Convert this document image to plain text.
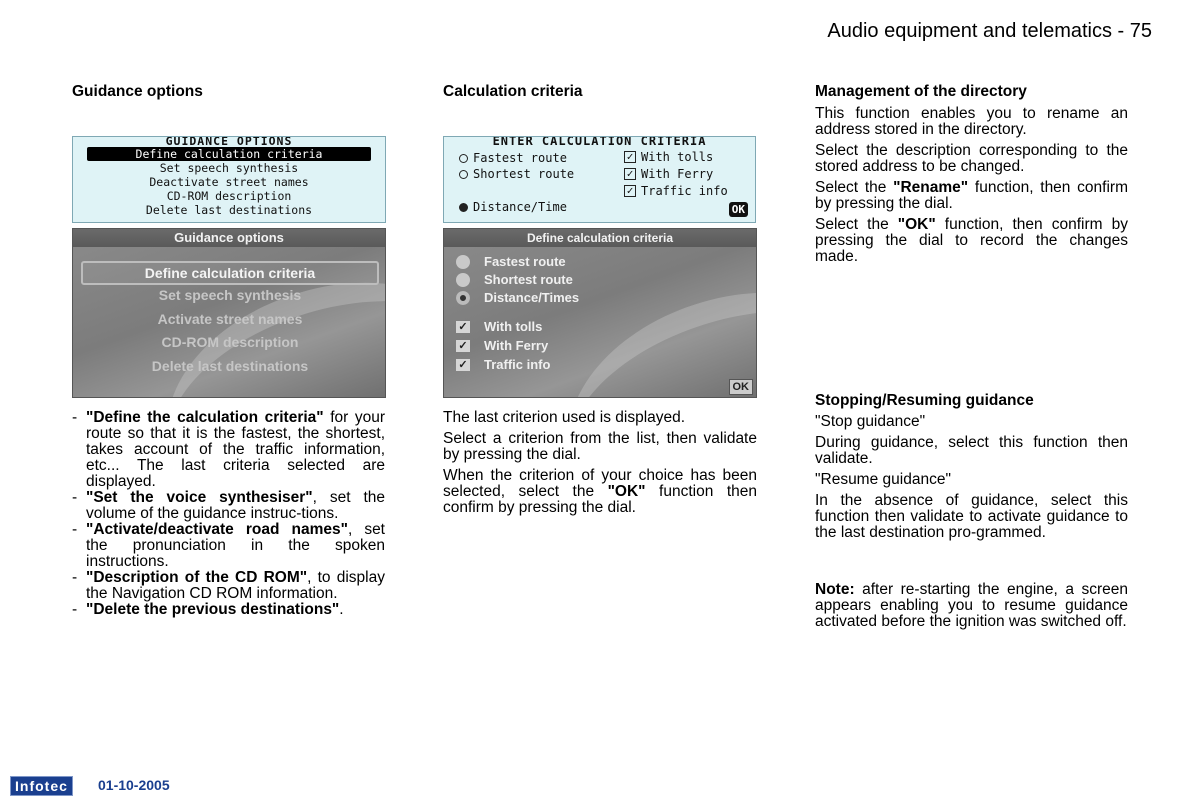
Audio equipment and telematics - 75
Guidance options
GUIDANCE OPTIONS
Define calculation criteria
Set speech synthesis
Deactivate street names
CD-ROM description
Delete last destinations
Guidance options
Define calculation criteria
Set speech synthesis
Activate street names
CD-ROM description
Delete last destinations
- "Define the calculation criteria" for your route so that it is the fastest, the shortest, takes account of the traffic information, etc... The last criteria selected are displayed.
- "Set the voice synthesiser", set the volume of the guidance instruc-tions.
- "Activate/deactivate road names", set the pronunciation in the spoken instructions.
- "Description of the CD ROM", to display the Navigation CD ROM information.
- "Delete the previous destinations".
Calculation criteria
ENTER CALCULATION CRITERIA
Fastest route
Shortest route
Distance/Time
✓ With tolls
✓ With Ferry
✓ Traffic info
OK
Define calculation criteria
Fastest route
Shortest route
Distance/Times
✓ With tolls
✓ With Ferry
✓ Traffic info
OK

The last criterion used is displayed.

Select a criterion from the list, then validate by pressing the dial.

When the criterion of your choice has been selected, select the "OK" function then confirm by pressing the dial.

Management of the directory

This function enables you to rename an address stored in the directory.

Select the description corresponding to the stored address to be changed.

Select the "Rename" function, then confirm by pressing the dial.

Select the "OK" function, then confirm by pressing the dial to record the changes made.

Stopping/Resuming guidance

"Stop guidance"

During guidance, select this function then validate.

"Resume guidance"

In the absence of guidance, select this function then validate to activate guidance to the last destination pro-grammed.

Note: after re-starting the engine, a screen appears enabling you to resume guidance activated before the ignition was switched off.
Infotec	01-10-2005
